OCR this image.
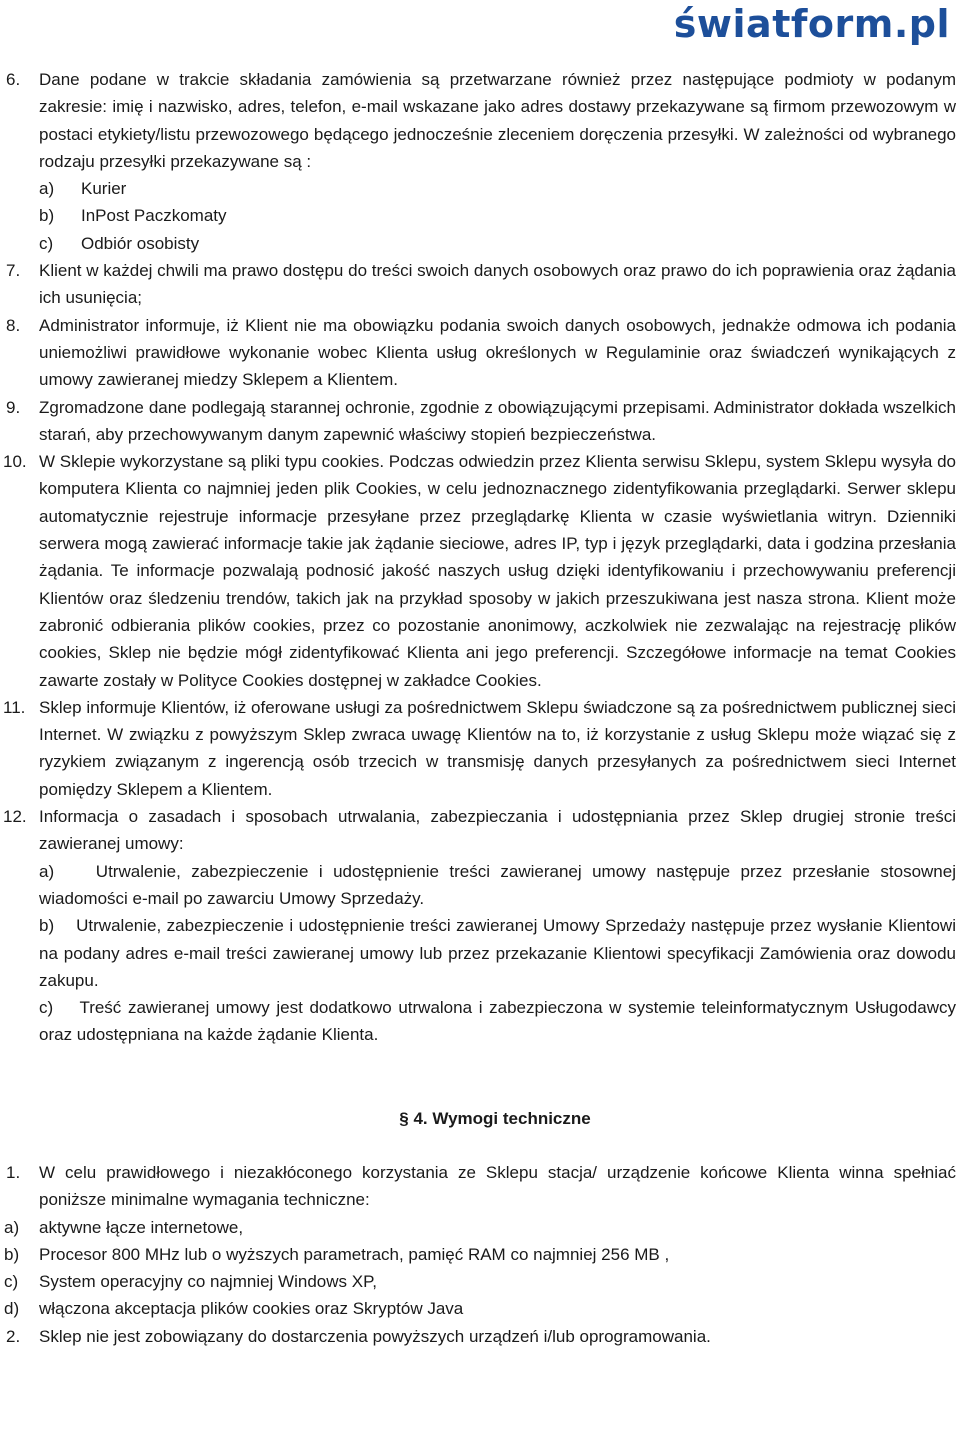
światform.pl
6. Dane podane w trakcie składania zamówienia są przetwarzane również przez następujące podmioty w podanym zakresie: imię i nazwisko, adres, telefon, e-mail wskazane jako adres dostawy przekazywane są firmom przewozowym w postaci etykiety/listu przewozowego będącego jednocześnie zleceniem doręczenia przesyłki. W zależności od wybranego rodzaju przesyłki przekazywane są :
a) Kurier
b) InPost Paczkomaty
c) Odbiór osobisty
7. Klient w każdej chwili ma prawo dostępu do treści swoich danych osobowych oraz prawo do ich poprawienia oraz żądania ich usunięcia;
8. Administrator informuje, iż Klient nie ma obowiązku podania swoich danych osobowych, jednakże odmowa ich podania uniemożliwi prawidłowe wykonanie wobec Klienta usług określonych w Regulaminie oraz świadczeń wynikających z umowy zawieranej miedzy Sklepem a Klientem.
9. Zgromadzone dane podlegają starannej ochronie, zgodnie z obowiązującymi przepisami. Administrator dokłada wszelkich starań, aby przechowywanym danym zapewnić właściwy stopień bezpieczeństwa.
10. W Sklepie wykorzystane są pliki typu cookies. Podczas odwiedzin przez Klienta serwisu Sklepu, system Sklepu wysyła do komputera Klienta co najmniej jeden plik Cookies, w celu jednoznacznego zidentyfikowania przeglądarki. Serwer sklepu automatycznie rejestruje informacje przesyłane przez przeglądarkę Klienta w czasie wyświetlania witryn. Dzienniki serwera mogą zawierać informacje takie jak żądanie sieciowe, adres IP, typ i język przeglądarki, data i godzina przesłania żądania. Te informacje pozwalają podnosić jakość naszych usług dzięki identyfikowaniu i przechowywaniu preferencji Klientów oraz śledzeniu trendów, takich jak na przykład sposoby w jakich przeszukiwana jest nasza strona. Klient może zabronić odbierania plików cookies, przez co pozostanie anonimowy, aczkolwiek nie zezwalając na rejestrację plików cookies, Sklep nie będzie mógł zidentyfikować Klienta ani jego preferencji. Szczegółowe informacje na temat Cookies zawarte zostały w Polityce Cookies dostępnej w zakładce Cookies.
11. Sklep informuje Klientów, iż oferowane usługi za pośrednictwem Sklepu świadczone są za pośrednictwem publicznej sieci Internet. W związku z powyższym Sklep zwraca uwagę Klientów na to, iż korzystanie z usług Sklepu może wiązać się z ryzykiem związanym z ingerencją osób trzecich w transmisję danych przesyłanych za pośrednictwem sieci Internet pomiędzy Sklepem a Klientem.
12. Informacja o zasadach i sposobach utrwalania, zabezpieczania i udostępniania przez Sklep drugiej stronie treści zawieranej umowy:
a)    Utrwalenie, zabezpieczenie i udostępnienie treści zawieranej umowy następuje przez przesłanie stosownej wiadomości e-mail po zawarciu Umowy Sprzedaży.
b)    Utrwalenie, zabezpieczenie i udostępnienie treści zawieranej Umowy Sprzedaży następuje przez wysłanie Klientowi na podany adres e-mail treści zawieranej umowy lub przez przekazanie Klientowi specyfikacji Zamówienia oraz dowodu zakupu.
c)    Treść zawieranej umowy jest dodatkowo utrwalona i zabezpieczona w systemie teleinformatycznym Usługodawcy oraz udostępniana na każde żądanie Klienta.
§ 4. Wymogi techniczne
1. W celu prawidłowego i niezakłóconego korzystania ze Sklepu stacja/ urządzenie końcowe Klienta winna spełniać poniższe minimalne wymagania techniczne:
a) aktywne łącze internetowe,
b) Procesor 800 MHz lub o wyższych parametrach, pamięć RAM co najmniej 256 MB ,
c) System operacyjny co najmniej Windows XP,
d) włączona akceptacja plików cookies oraz Skryptów Java
2. Sklep nie jest zobowiązany do dostarczenia powyższych urządzeń i/lub oprogramowania.
